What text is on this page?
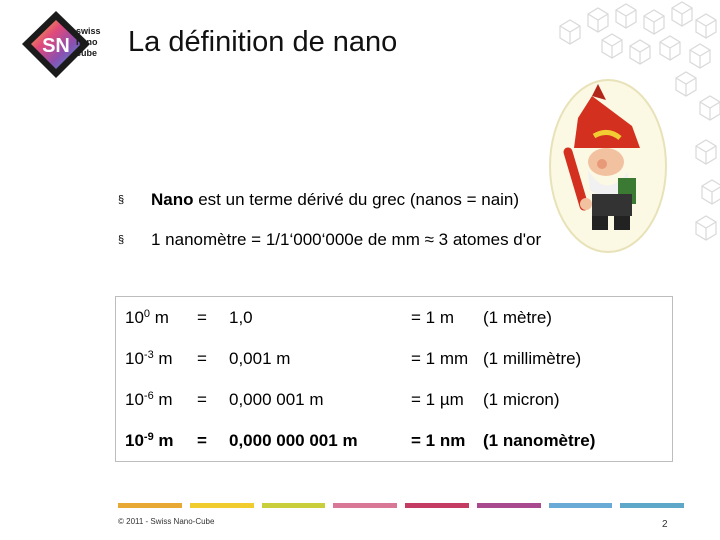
SN
swiss
nano
cube La définition de nano
§ Nano est un terme dérivé du grec (nanos = nain)
§ 1 nanomètre = 1/1‘000‘000e de mm ≈ 3 atomes d'or
$10^0$ m	=	1,0	= 1 m	(1 mètre)
$10^{-3}$ m	=	0,001 m	= 1 mm	(1 millimètre)
$10^{-6}$ m	=	0,000 001 m	= 1 µm	(1 micron)
$10^{-9}$ m	=	0,000 000 001 m	= 1 nm	(1 nanomètre)
© 2011 - Swiss Nano-Cube	2
